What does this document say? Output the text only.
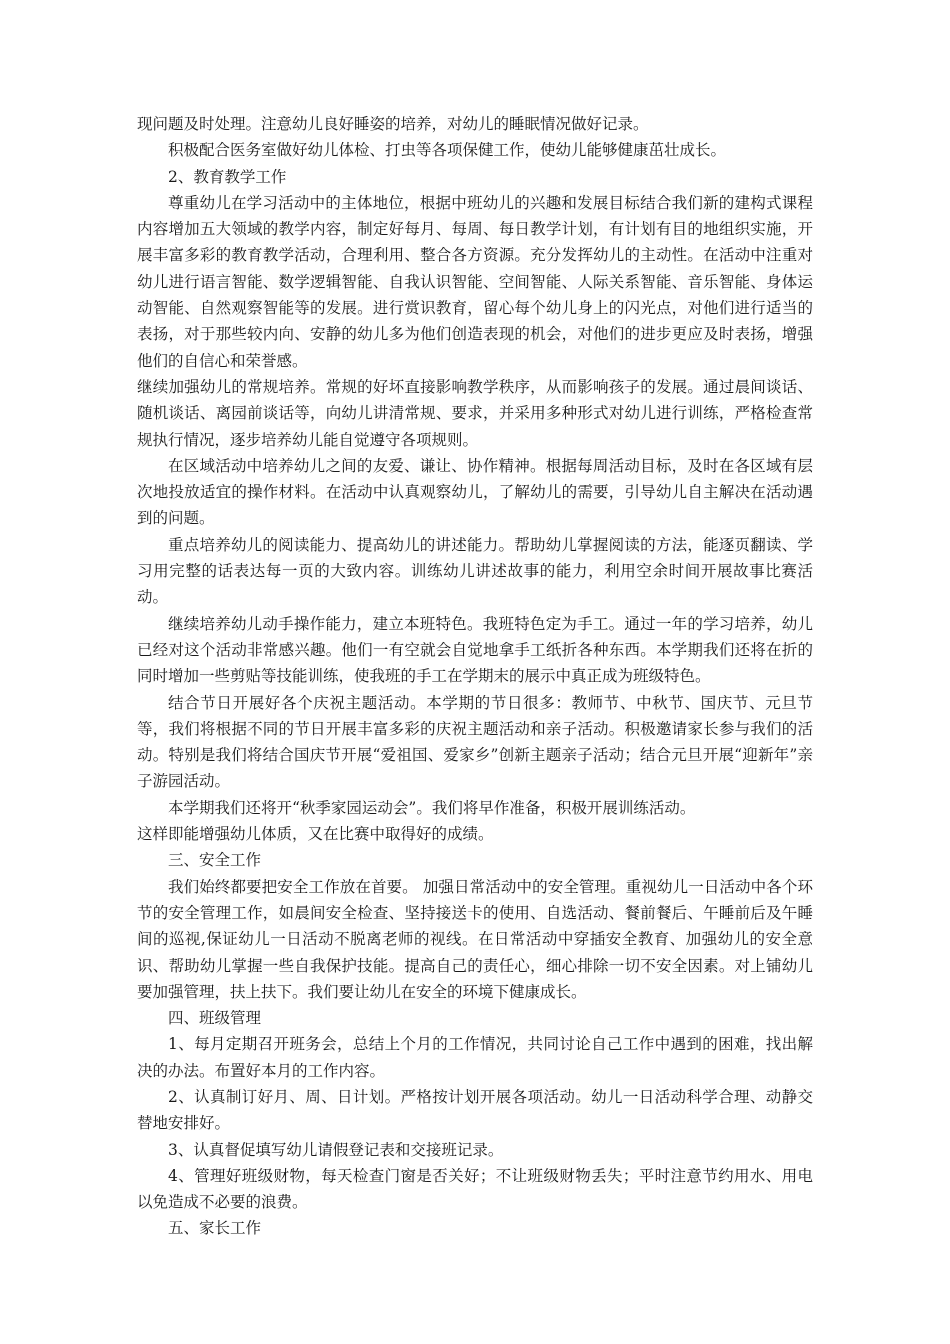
现问题及时处理。注意幼儿良好睡姿的培养，对幼儿的睡眠情况做好记录。

积极配合医务室做好幼儿体检、打虫等各项保健工作，使幼儿能够健康茁壮成长。

2、教育教学工作

尊重幼儿在学习活动中的主体地位，根据中班幼儿的兴趣和发展目标结合我们新的建构式课程内容增加五大领域的教学内容，制定好每月、每周、每日教学计划，有计划有目的地组织实施，开展丰富多彩的教育教学活动，合理利用、整合各方资源。充分发挥幼儿的主动性。在活动中注重对幼儿进行语言智能、数学逻辑智能、自我认识智能、空间智能、人际关系智能、音乐智能、身体运动智能、自然观察智能等的发展。进行赏识教育，留心每个幼儿身上的闪光点，对他们进行适当的表扬，对于那些较内向、安静的幼儿多为他们创造表现的机会，对他们的进步更应及时表扬，增强他们的自信心和荣誉感。

继续加强幼儿的常规培养。常规的好坏直接影响教学秩序，从而影响孩子的发展。通过晨间谈话、随机谈话、离园前谈话等，向幼儿讲清常规、要求，并采用多种形式对幼儿进行训练，严格检查常规执行情况，逐步培养幼儿能自觉遵守各项规则。

在区域活动中培养幼儿之间的友爱、谦让、协作精神。根据每周活动目标，及时在各区域有层次地投放适宜的操作材料。在活动中认真观察幼儿，了解幼儿的需要，引导幼儿自主解决在活动遇到的问题。

重点培养幼儿的阅读能力、提高幼儿的讲述能力。帮助幼儿掌握阅读的方法，能逐页翻读、学习用完整的话表达每一页的大致内容。训练幼儿讲述故事的能力，利用空余时间开展故事比赛活动。

继续培养幼儿动手操作能力，建立本班特色。我班特色定为手工。通过一年的学习培养，幼儿已经对这个活动非常感兴趣。他们一有空就会自觉地拿手工纸折各种东西。本学期我们还将在折的同时增加一些剪贴等技能训练，使我班的手工在学期末的展示中真正成为班级特色。

结合节日开展好各个庆祝主题活动。本学期的节日很多：教师节、中秋节、国庆节、元旦节等，我们将根据不同的节日开展丰富多彩的庆祝主题活动和亲子活动。积极邀请家长参与我们的活动。特别是我们将结合国庆节开展“爱祖国、爱家乡”创新主题亲子活动；结合元旦开展“迎新年”亲子游园活动。

本学期我们还将开“秋季家园运动会”。我们将早作准备，积极开展训练活动。

这样即能增强幼儿体质，又在比赛中取得好的成绩。

三、安全工作

我们始终都要把安全工作放在首要。 加强日常活动中的安全管理。重视幼儿一日活动中各个环节的安全管理工作，如晨间安全检查、坚持接送卡的使用、自选活动、餐前餐后、午睡前后及午睡间的巡视,保证幼儿一日活动不脱离老师的视线。在日常活动中穿插安全教育、加强幼儿的安全意识、帮助幼儿掌握一些自我保护技能。提高自己的责任心，细心排除一切不安全因素。对上铺幼儿要加强管理，扶上扶下。我们要让幼儿在安全的环境下健康成长。

四、班级管理

1、每月定期召开班务会，总结上个月的工作情况，共同讨论自己工作中遇到的困难，找出解决的办法。布置好本月的工作内容。

2、认真制订好月、周、日计划。严格按计划开展各项活动。幼儿一日活动科学合理、动静交替地安排好。

3、认真督促填写幼儿请假登记表和交接班记录。

4、管理好班级财物，每天检查门窗是否关好；不让班级财物丢失；平时注意节约用水、用电以免造成不必要的浪费。

五、家长工作
